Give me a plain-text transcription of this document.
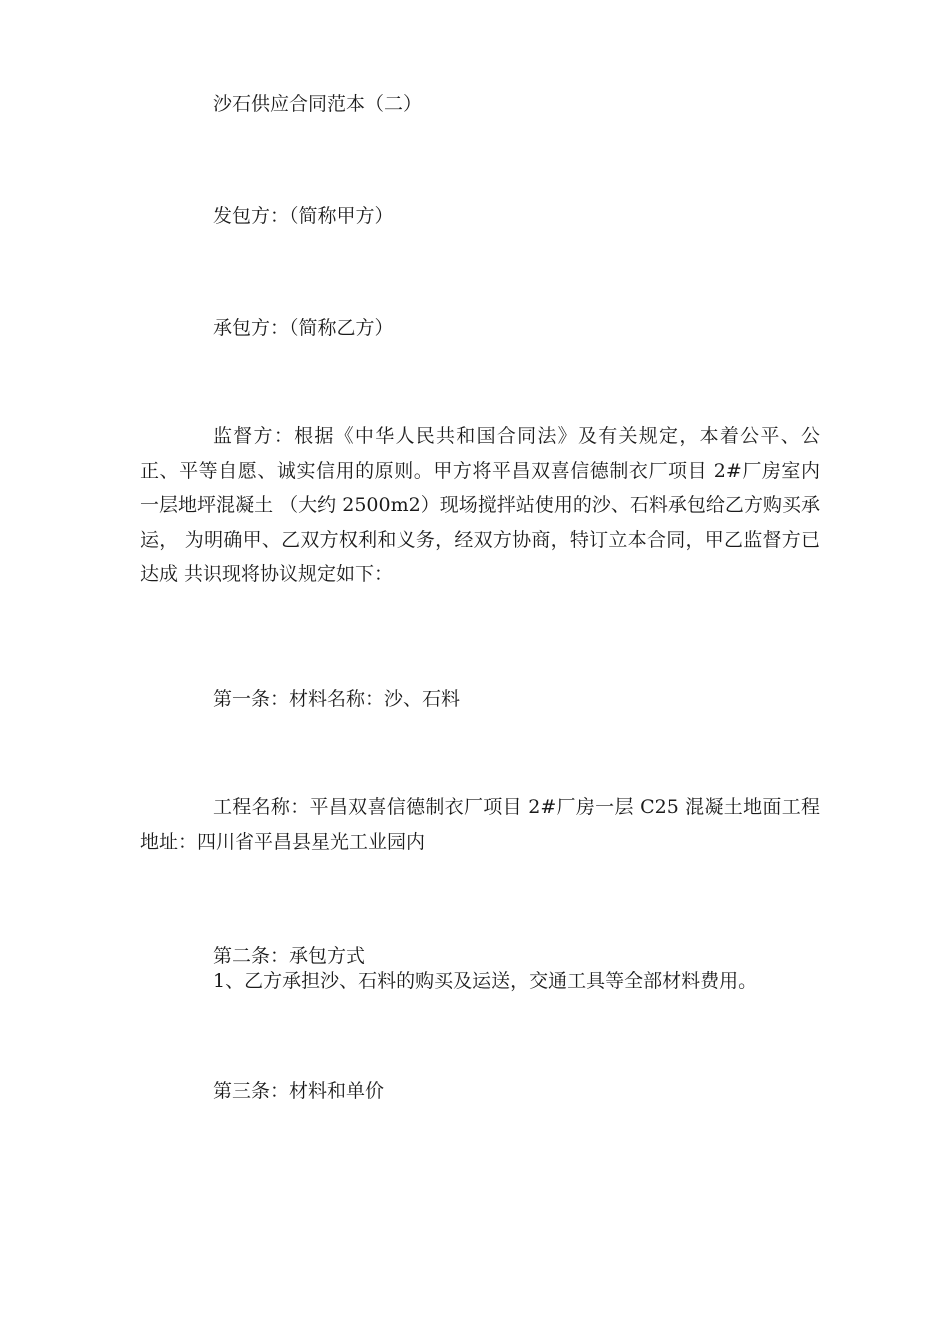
沙石供应合同范本（二）
发包方：（简称甲方）
承包方：（简称乙方）
监督方：根据《中华人民共和国合同法》及有关规定，本着公平、公正、平等自愿、诚实信用的原则。甲方将平昌双喜信德制衣厂项目 2#厂房室内一层地坪混凝土 （大约 2500m2）现场搅拌站使用的沙、石料承包给乙方购买承运， 为明确甲、乙双方权利和义务，经双方协商，特订立本合同，甲乙监督方已达成 共识现将协议规定如下：
第一条：材料名称：沙、石料
工程名称：平昌双喜信德制衣厂项目 2#厂房一层 C25 混凝土地面工程地址：四川省平昌县星光工业园内
第二条：承包方式
1、乙方承担沙、石料的购买及运送，交通工具等全部材料费用。
第三条：材料和单价
